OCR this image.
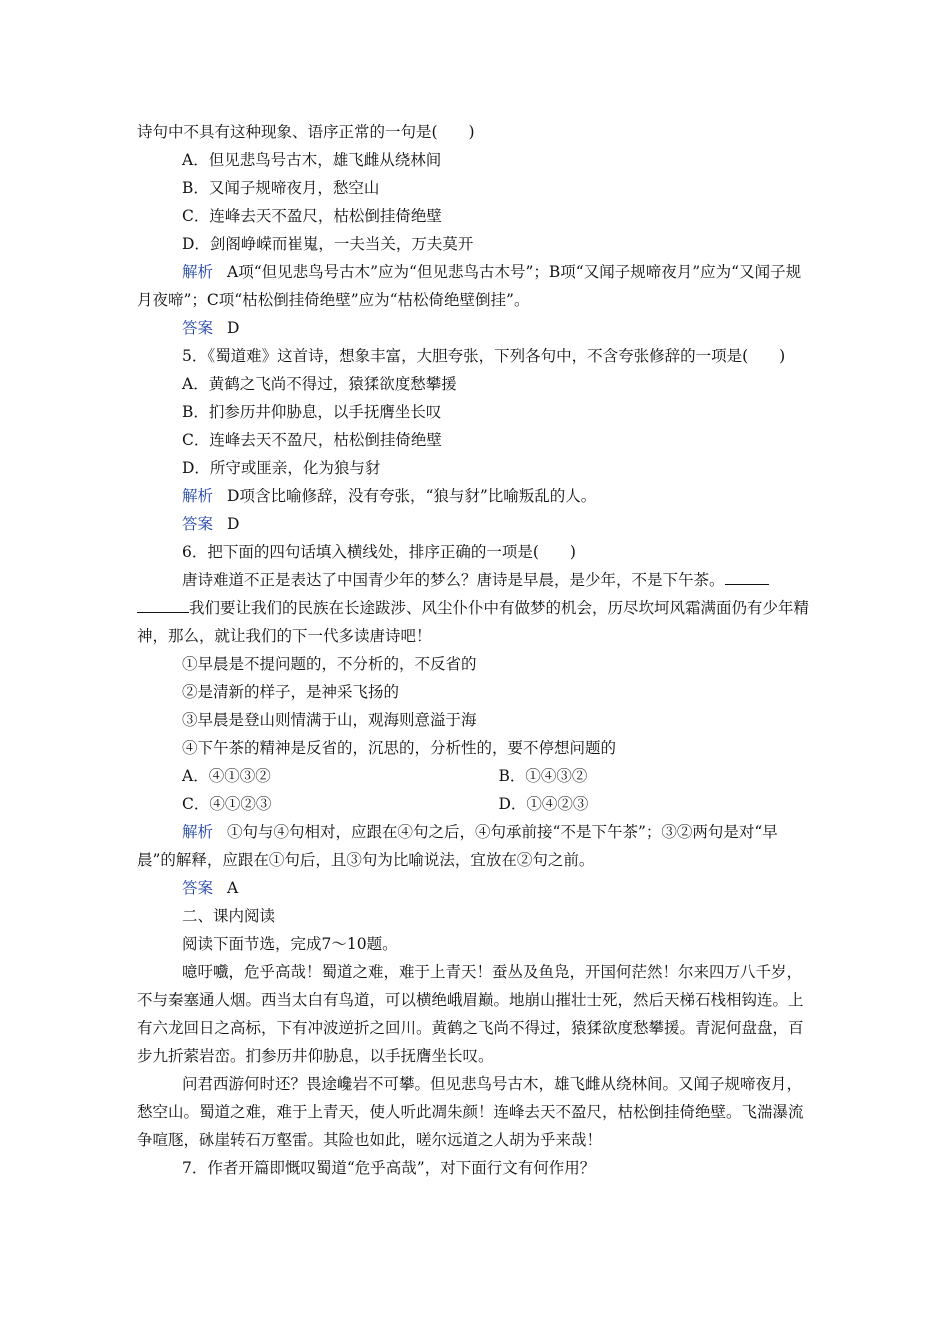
诗句中不具有这种现象、语序正常的一句是(　　)

A．但见悲鸟号古木，雄飞雌从绕林间

B．又闻子规啼夜月，愁空山

C．连峰去天不盈尺，枯松倒挂倚绝壁

D．剑阁峥嵘而崔嵬，一夫当关，万夫莫开

解析 A项“但见悲鸟号古木”应为“但见悲鸟古木号”；B项“又闻子规啼夜月”应为“又闻子规月夜啼”；C项“枯松倒挂倚绝壁”应为“枯松倚绝壁倒挂”。

答案 D

5．《蜀道难》这首诗，想象丰富，大胆夸张，下列各句中，不含夸张修辞的一项是(　　)

A．黄鹤之飞尚不得过，猿猱欲度愁攀援

B．扪参历井仰胁息，以手抚膺坐长叹

C．连峰去天不盈尺，枯松倒挂倚绝壁

D．所守或匪亲，化为狼与豺

解析 D项含比喻修辞，没有夸张，“狼与豺”比喻叛乱的人。

答案 D

6．把下面的四句话填入横线处，排序正确的一项是(　　)

唐诗难道不正是表达了中国青少年的梦么？唐诗是早晨，是少年，不是下午茶。我们要让我们的民族在长途跋涉、风尘仆仆中有做梦的机会，历尽坎坷风霜满面仍有少年精神，那么，就让我们的下一代多读唐诗吧！

①早晨是不提问题的，不分析的，不反省的

②是清新的样子，是神采飞扬的

③早晨是登山则情满于山，观海则意溢于海

④下午茶的精神是反省的，沉思的，分析性的，要不停想问题的

A．④①③②	B．①④③②
C．④①②③	D．①④②③

解析 ①句与④句相对，应跟在④句之后，④句承前接“不是下午茶”；③②两句是对“早晨”的解释，应跟在①句后，且③句为比喻说法，宜放在②句之前。

答案 A

二、课内阅读

阅读下面节选，完成7～10题。

噫吁嚱，危乎高哉！蜀道之难，难于上青天！蚕丛及鱼凫，开国何茫然！尔来四万八千岁，不与秦塞通人烟。西当太白有鸟道，可以横绝峨眉巅。地崩山摧壮士死，然后天梯石栈相钩连。上有六龙回日之高标，下有冲波逆折之回川。黄鹤之飞尚不得过，猿猱欲度愁攀援。青泥何盘盘，百步九折萦岩峦。扪参历井仰胁息，以手抚膺坐长叹。

问君西游何时还？畏途巉岩不可攀。但见悲鸟号古木，雄飞雌从绕林间。又闻子规啼夜月，愁空山。蜀道之难，难于上青天，使人听此凋朱颜！连峰去天不盈尺，枯松倒挂倚绝壁。飞湍瀑流争喧豗，砯崖转石万壑雷。其险也如此，嗟尔远道之人胡为乎来哉！

7．作者开篇即慨叹蜀道“危乎高哉”，对下面行文有何作用？
